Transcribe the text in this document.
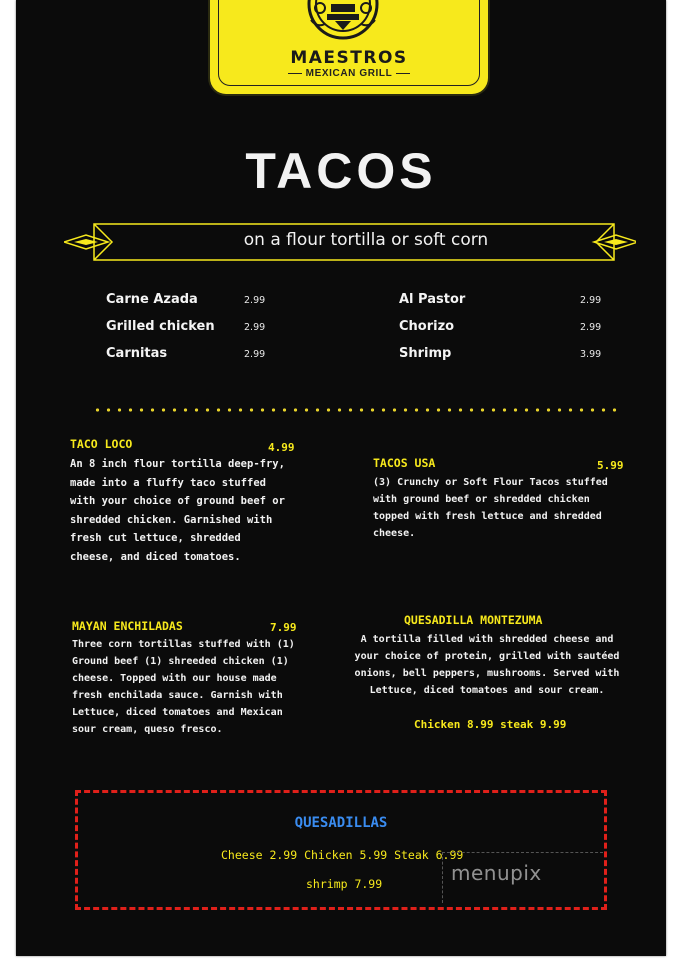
MAESTROS
MEXICAN GRILL
TACOS
on a flour tortilla or soft corn
Carne Azada	2.99
Grilled chicken	2.99
Carnitas	2.99
Al Pastor	2.99
Chorizo	2.99
Shrimp	3.99
TACO LOCO	4.99

An 8 inch flour tortilla deep-fry,
made into a fluffy taco stuffed
with your choice of ground beef or
shredded chicken. Garnished with
fresh cut lettuce, shredded
cheese, and diced tomatoes.

TACOS USA	5.99

(3) Crunchy or Soft Flour Tacos stuffed
with ground beef or shredded chicken
topped with fresh lettuce and shredded
cheese.

MAYAN ENCHILADAS	7.99

Three corn tortillas stuffed with (1)
Ground beef (1) shreeded chicken (1)
cheese. Topped with our house made
fresh enchilada sauce. Garnish with
Lettuce, diced tomatoes and Mexican
sour cream, queso fresco.

QUESADILLA MONTEZUMA

A tortilla filled with shredded cheese and
your choice of protein, grilled with sautéed
onions, bell peppers, mushrooms. Served with
Lettuce, diced tomatoes and sour cream.

Chicken 8.99 steak 9.99
QUESADILLAS
Cheese 2.99 Chicken 5.99 Steak 6.99
shrimp 7.99	menupix
